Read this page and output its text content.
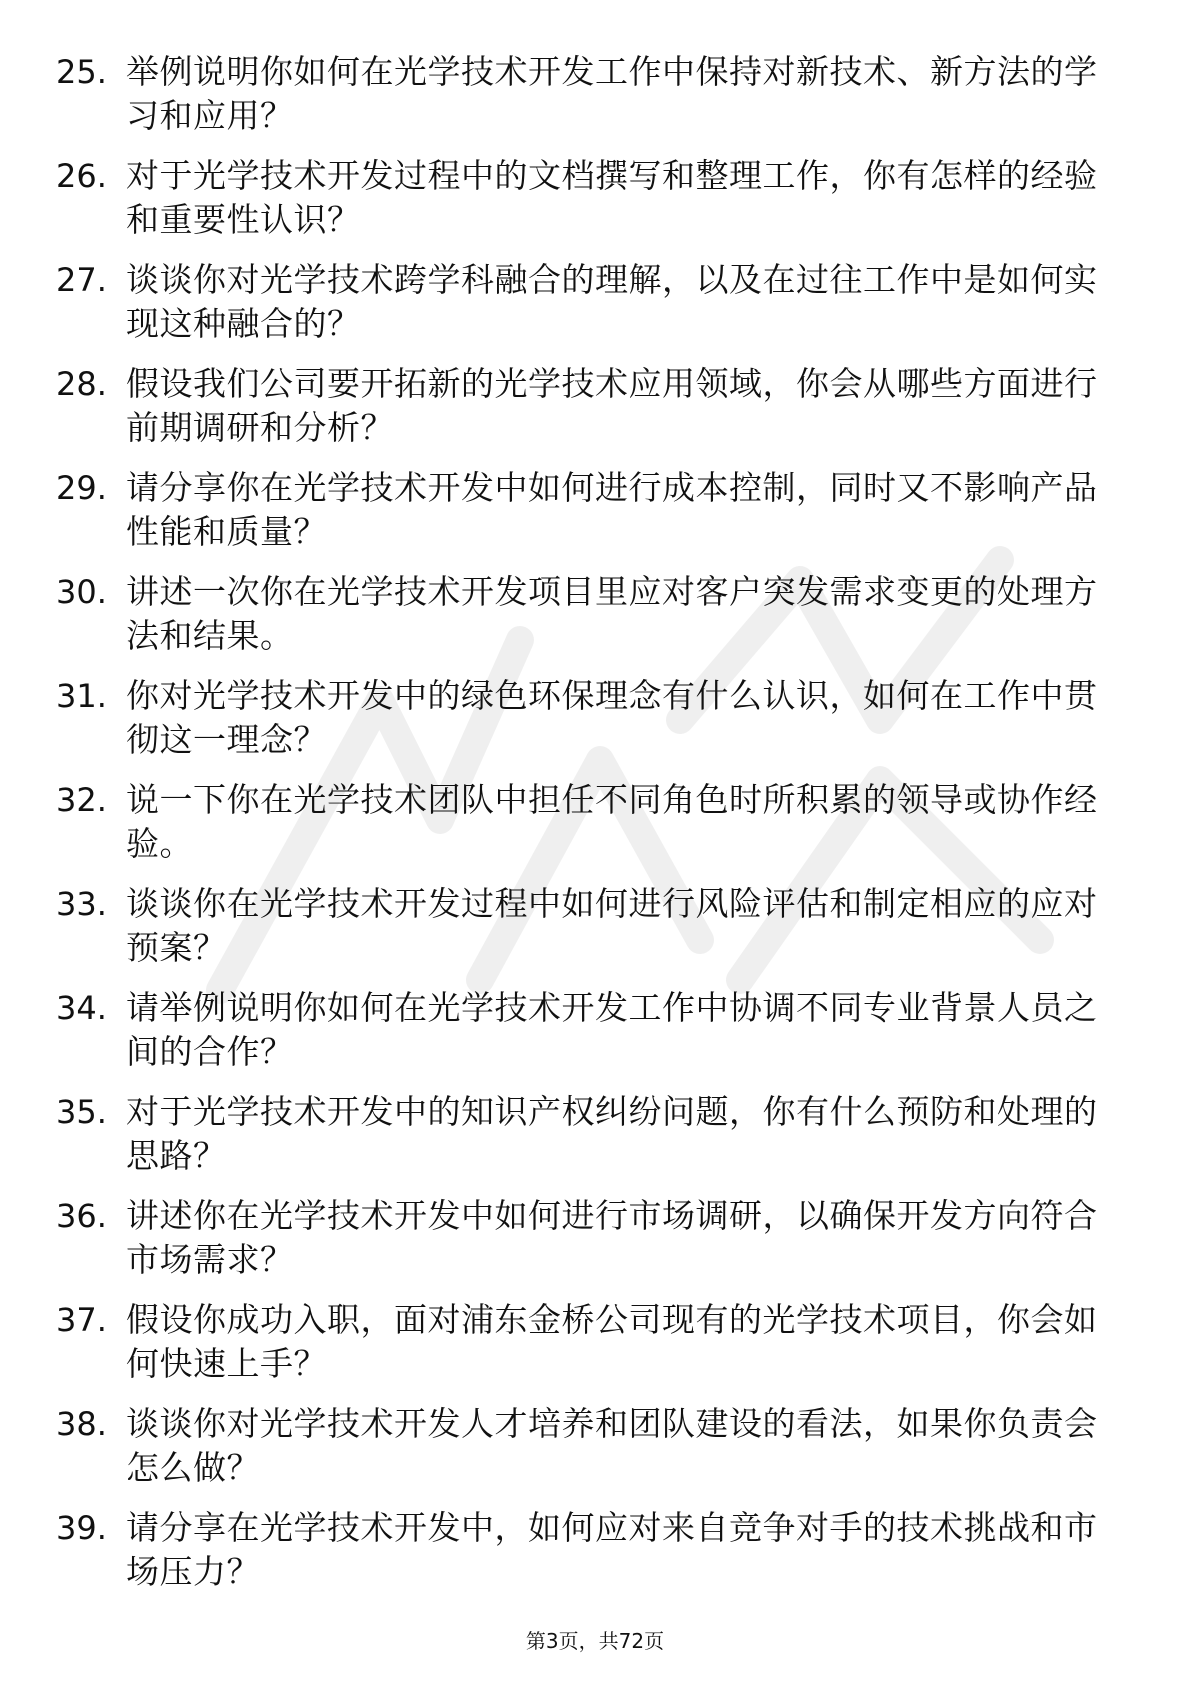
25. 举例说明你如何在光学技术开发工作中保持对新技术、新方法的学习和应用？
26. 对于光学技术开发过程中的文档撰写和整理工作，你有怎样的经验和重要性认识？
27. 谈谈你对光学技术跨学科融合的理解，以及在过往工作中是如何实现这种融合的？
28. 假设我们公司要开拓新的光学技术应用领域，你会从哪些方面进行前期调研和分析？
29. 请分享你在光学技术开发中如何进行成本控制，同时又不影响产品性能和质量？
30. 讲述一次你在光学技术开发项目里应对客户突发需求变更的处理方法和结果。
31. 你对光学技术开发中的绿色环保理念有什么认识，如何在工作中贯彻这一理念？
32. 说一下你在光学技术团队中担任不同角色时所积累的领导或协作经验。
33. 谈谈你在光学技术开发过程中如何进行风险评估和制定相应的应对预案？
34. 请举例说明你如何在光学技术开发工作中协调不同专业背景人员之间的合作？
35. 对于光学技术开发中的知识产权纠纷问题，你有什么预防和处理的思路？
36. 讲述你在光学技术开发中如何进行市场调研，以确保开发方向符合市场需求？
37. 假设你成功入职，面对浦东金桥公司现有的光学技术项目，你会如何快速上手？
38. 谈谈你对光学技术开发人才培养和团队建设的看法，如果你负责会怎么做？
39. 请分享在光学技术开发中，如何应对来自竞争对手的技术挑战和市场压力？
第3页，共72页
